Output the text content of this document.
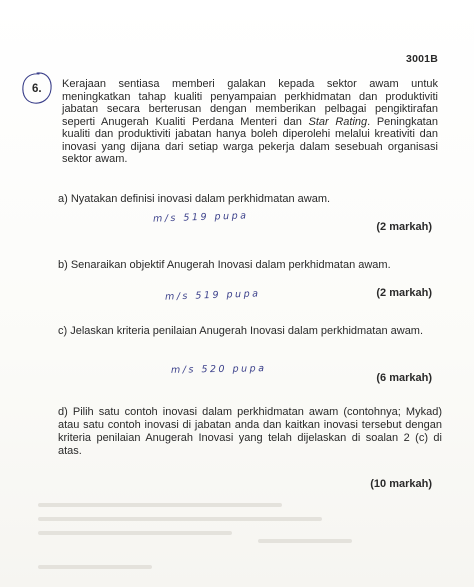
3001B
6. Kerajaan sentiasa memberi galakan kepada sektor awam untuk meningkatkan tahap kualiti penyampaian perkhidmatan dan produktiviti jabatan secara berterusan dengan memberikan pelbagai pengiktirafan seperti Anugerah Kualiti Perdana Menteri dan Star Rating. Peningkatan kualiti dan produktiviti jabatan hanya boleh diperolehi melalui kreativiti dan inovasi yang dijana dari setiap warga pekerja dalam sesebuah organisasi sektor awam.
a) Nyatakan definisi inovasi dalam perkhidmatan awam.
m/s 519 pupa
(2 markah)
b) Senaraikan objektif Anugerah Inovasi dalam perkhidmatan awam.
m/s 519 pupa	(2 markah)
c) Jelaskan kriteria penilaian Anugerah Inovasi dalam perkhidmatan awam.
m/s 520 pupa
(6 markah)
d) Pilih satu contoh inovasi dalam perkhidmatan awam (contohnya; Mykad) atau satu contoh inovasi di jabatan anda dan kaitkan inovasi tersebut dengan kriteria penilaian Anugerah Inovasi yang telah dijelaskan di soalan 2 (c) di atas.
(10 markah)
